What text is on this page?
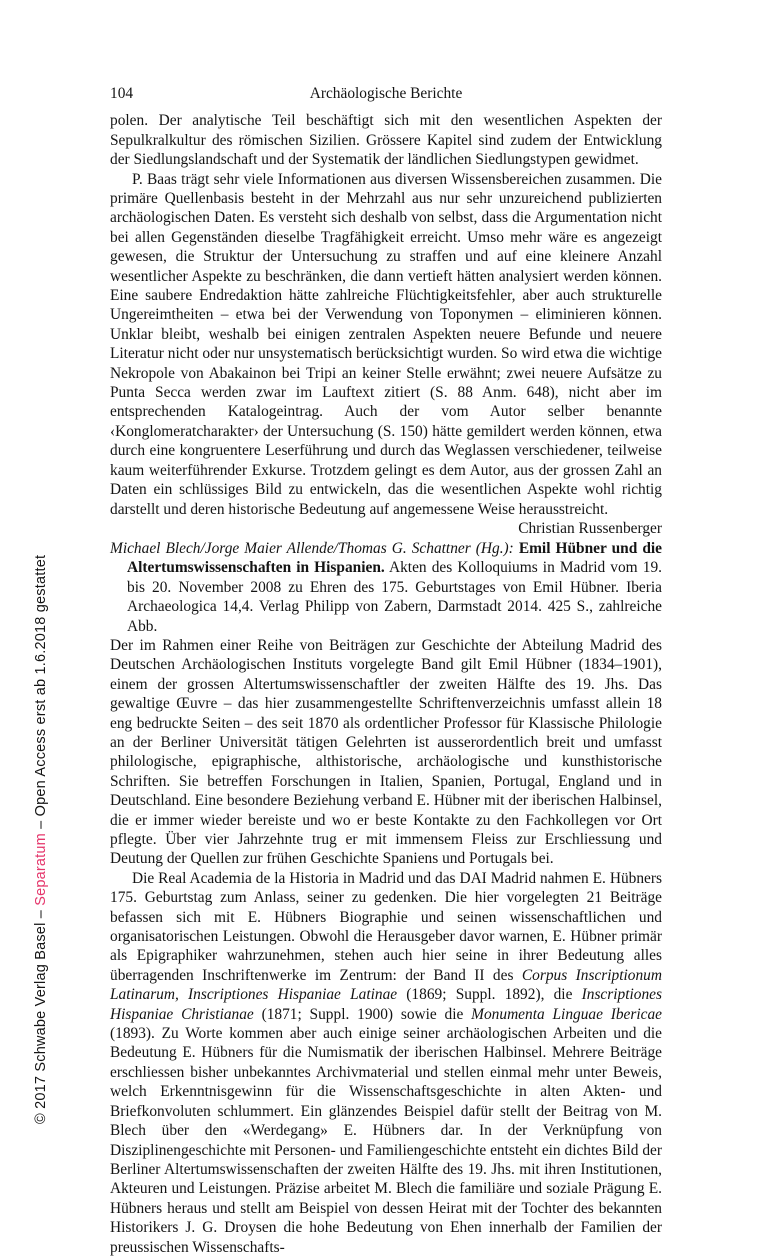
© 2017 Schwabe Verlag Basel – Separatum – Open Access erst ab 1.6.2018 gestattet
104	Archäologische Berichte

polen. Der analytische Teil beschäftigt sich mit den wesentlichen Aspekten der Sepulkralkultur des römischen Sizilien. Grössere Kapitel sind zudem der Entwicklung der Siedlungslandschaft und der Systematik der ländlichen Siedlungstypen gewidmet.

P. Baas trägt sehr viele Informationen aus diversen Wissensbereichen zusammen. Die primäre Quellenbasis besteht in der Mehrzahl aus nur sehr unzureichend publizierten archäologischen Daten. Es versteht sich deshalb von selbst, dass die Argumentation nicht bei allen Gegenständen dieselbe Tragfähigkeit erreicht. Umso mehr wäre es angezeigt gewesen, die Struktur der Untersuchung zu straffen und auf eine kleinere Anzahl wesentlicher Aspekte zu beschränken, die dann vertieft hätten analysiert werden können. Eine saubere Endredaktion hätte zahlreiche Flüchtigkeitsfehler, aber auch strukturelle Ungereimtheiten – etwa bei der Verwendung von Toponymen – eliminieren können. Unklar bleibt, weshalb bei einigen zentralen Aspekten neuere Befunde und neuere Literatur nicht oder nur unsystematisch berücksichtigt wurden. So wird etwa die wichtige Nekropole von Abakainon bei Tripi an keiner Stelle erwähnt; zwei neuere Aufsätze zu Punta Secca werden zwar im Lauftext zitiert (S. 88 Anm. 648), nicht aber im entsprechenden Katalogeintrag. Auch der vom Autor selber benannte ‹Konglomeratcharakter› der Untersuchung (S. 150) hätte gemildert werden können, etwa durch eine kongruentere Leserführung und durch das Weglassen verschiedener, teilweise kaum weiterführender Exkurse. Trotzdem gelingt es dem Autor, aus der grossen Zahl an Daten ein schlüssiges Bild zu entwickeln, das die wesentlichen Aspekte wohl richtig darstellt und deren historische Bedeutung auf angemessene Weise herausstreicht.
Christian Russenberger

Michael Blech/Jorge Maier Allende/Thomas G. Schattner (Hg.): Emil Hübner und die Altertumswissenschaften in Hispanien. Akten des Kolloquiums in Madrid vom 19. bis 20. November 2008 zu Ehren des 175. Geburtstages von Emil Hübner. Iberia Archaeologica 14,4. Verlag Philipp von Zabern, Darmstadt 2014. 425 S., zahlreiche Abb.

Der im Rahmen einer Reihe von Beiträgen zur Geschichte der Abteilung Madrid des Deutschen Archäologischen Instituts vorgelegte Band gilt Emil Hübner (1834–1901), einem der grossen Altertumswissenschaftler der zweiten Hälfte des 19. Jhs. Das gewaltige Œuvre – das hier zusammengestellte Schriftenverzeichnis umfasst allein 18 eng bedruckte Seiten – des seit 1870 als ordentlicher Professor für Klassische Philologie an der Berliner Universität tätigen Gelehrten ist ausserordentlich breit und umfasst philologische, epigraphische, althistorische, archäologische und kunsthistorische Schriften. Sie betreffen Forschungen in Italien, Spanien, Portugal, England und in Deutschland. Eine besondere Beziehung verband E. Hübner mit der iberischen Halbinsel, die er immer wieder bereiste und wo er beste Kontakte zu den Fachkollegen vor Ort pflegte. Über vier Jahrzehnte trug er mit immensem Fleiss zur Erschliessung und Deutung der Quellen zur frühen Geschichte Spaniens und Portugals bei.

Die Real Academia de la Historia in Madrid und das DAI Madrid nahmen E. Hübners 175. Geburtstag zum Anlass, seiner zu gedenken. Die hier vorgelegten 21 Beiträge befassen sich mit E. Hübners Biographie und seinen wissenschaftlichen und organisatorischen Leistungen. Obwohl die Herausgeber davor warnen, E. Hübner primär als Epigraphiker wahrzunehmen, stehen auch hier seine in ihrer Bedeutung alles überragenden Inschriftenwerke im Zentrum: der Band II des Corpus Inscriptionum Latinarum, Inscriptiones Hispaniae Latinae (1869; Suppl. 1892), die Inscriptiones Hispaniae Christianae (1871; Suppl. 1900) sowie die Monumenta Linguae Ibericae (1893). Zu Worte kommen aber auch einige seiner archäologischen Arbeiten und die Bedeutung E. Hübners für die Numismatik der iberischen Halbinsel. Mehrere Beiträge erschliessen bisher unbekanntes Archivmaterial und stellen einmal mehr unter Beweis, welch Erkenntnisgewinn für die Wissenschaftsgeschichte in alten Akten- und Briefkonvoluten schlummert. Ein glänzendes Beispiel dafür stellt der Beitrag von M. Blech über den «Werdegang» E. Hübners dar. In der Verknüpfung von Disziplinengeschichte mit Personen- und Familiengeschichte entsteht ein dichtes Bild der Berliner Altertumswissenschaften der zweiten Hälfte des 19. Jhs. mit ihren Institutionen, Akteuren und Leistungen. Präzise arbeitet M. Blech die familiäre und soziale Prägung E. Hübners heraus und stellt am Beispiel von dessen Heirat mit der Tochter des bekannten Historikers J. G. Droysen die hohe Bedeutung von Ehen innerhalb der Familien der preussischen Wissenschafts-
